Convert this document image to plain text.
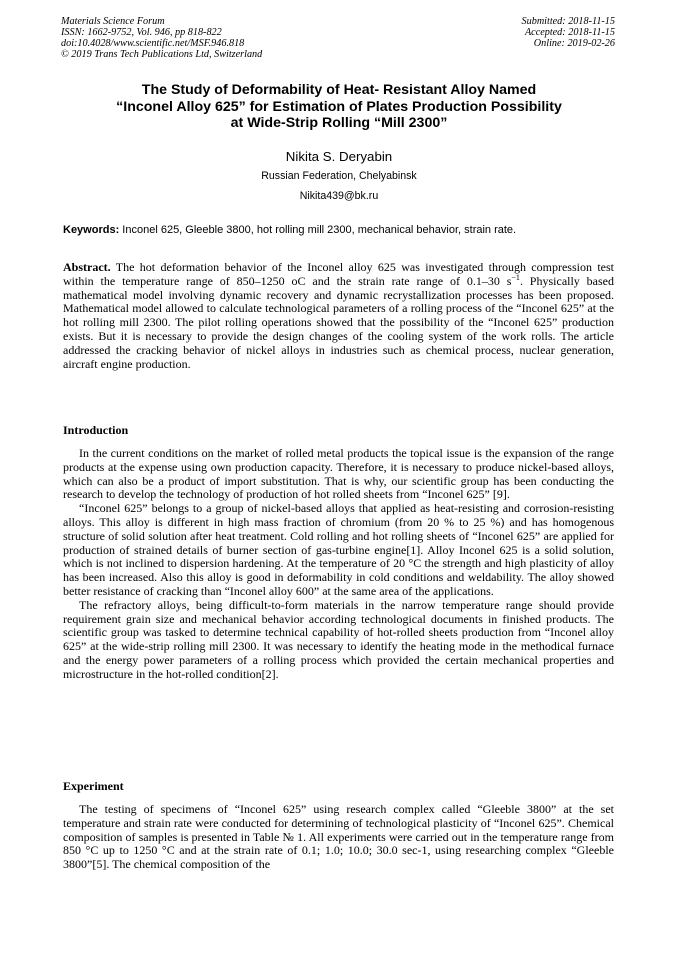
Materials Science Forum
ISSN: 1662-9752, Vol. 946, pp 818-822
doi:10.4028/www.scientific.net/MSF.946.818
© 2019 Trans Tech Publications Ltd, Switzerland
Submitted: 2018-11-15
Accepted: 2018-11-15
Online: 2019-02-26
The Study of Deformability of Heat- Resistant Alloy Named
“Inconel Alloy 625” for Estimation of Plates Production Possibility
at Wide-Strip Rolling “Mill 2300”
Nikita S. Deryabin
Russian Federation, Chelyabinsk
Nikita439@bk.ru
Keywords: Inconel 625, Gleeble 3800, hot rolling mill 2300, mechanical behavior, strain rate.
Abstract. The hot deformation behavior of the Inconel alloy 625 was investigated through compression test within the temperature range of 850–1250 oC and the strain rate range of 0.1–30 $s^{-1}$. Physically based mathematical model involving dynamic recovery and dynamic recrystallization processes has been proposed. Mathematical model allowed to calculate technological parameters of a rolling process of the “Inconel 625” at the hot rolling mill 2300. The pilot rolling operations showed that the possibility of the “Inconel 625” production exists. But it is necessary to provide the design changes of the cooling system of the work rolls. The article addressed the cracking behavior of nickel alloys in industries such as chemical process, nuclear generation, aircraft engine production.
Introduction

In the current conditions on the market of rolled metal products the topical issue is the expansion of the range products at the expense using own production capacity. Therefore, it is necessary to produce nickel-based alloys, which can also be a product of import substitution. That is why, our scientific group has been conducting the research to develop the technology of production of hot rolled sheets from “Inconel 625” [9].

“Inconel 625” belongs to a group of nickel-based alloys that applied as heat-resisting and corrosion-resisting alloys. This alloy is different in high mass fraction of chromium (from 20 % to 25 %) and has homogenous structure of solid solution after heat treatment. Cold rolling and hot rolling sheets of “Inconel 625” are applied for production of strained details of burner section of gas-turbine engine[1]. Alloy Inconel 625 is a solid solution, which is not inclined to dispersion hardening. At the temperature of 20 °C the strength and high plasticity of alloy has been increased. Also this alloy is good in deformability in cold conditions and weldability. The alloy showed better resistance of cracking than “Inconel alloy 600” at the same area of the applications.

The refractory alloys, being difficult-to-form materials in the narrow temperature range should provide requirement grain size and mechanical behavior according technological documents in finished products. The scientific group was tasked to determine technical capability of hot-rolled sheets production from “Inconel alloy 625” at the wide-strip rolling mill 2300. It was necessary to identify the heating mode in the methodical furnace and the energy power parameters of a rolling process which provided the certain mechanical properties and microstructure in the hot-rolled condition[2].

Experiment

The testing of specimens of “Inconel 625” using research complex called “Gleeble 3800” at the set temperature and strain rate were conducted for determining of technological plasticity of “Inconel 625”. Chemical composition of samples is presented in Table № 1. All experiments were carried out in the temperature range from 850 °C up to 1250 °C and at the strain rate of 0.1; 1.0; 10.0; 30.0 sec-1, using researching complex “Gleeble 3800”[5]. The chemical composition of the
